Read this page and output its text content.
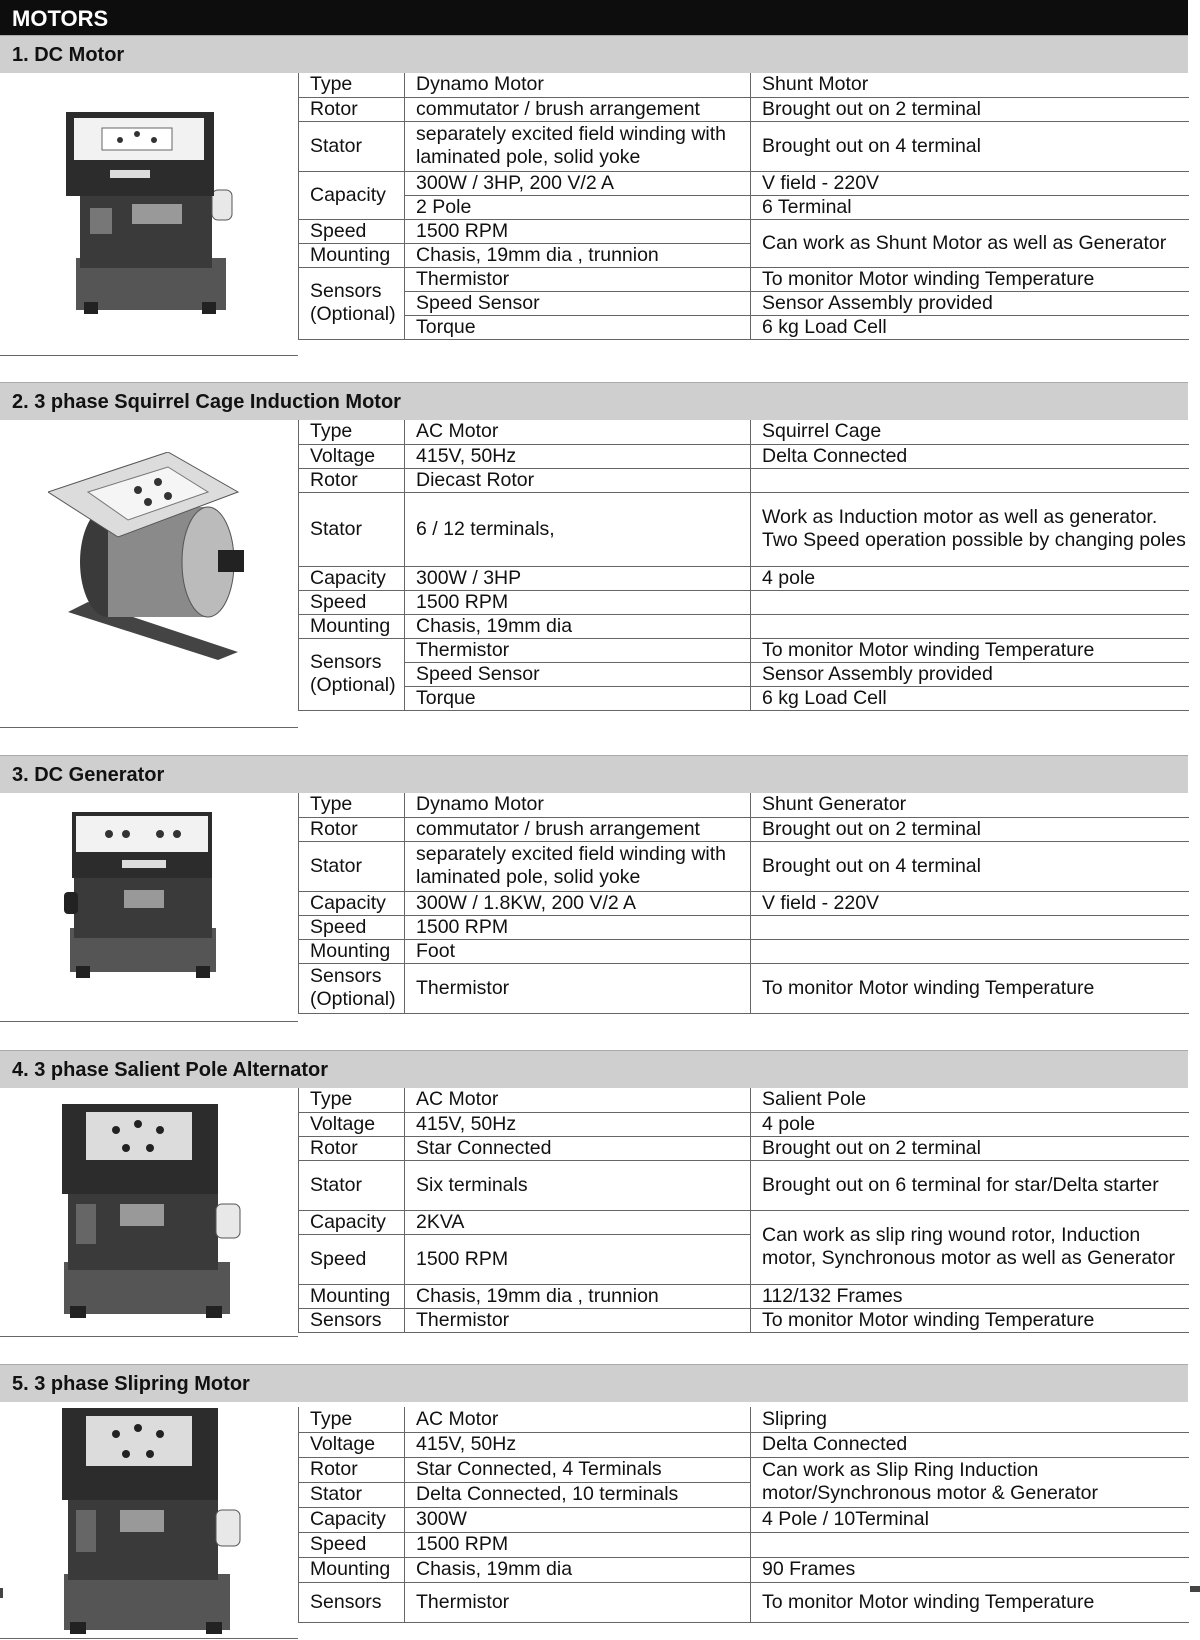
MOTORS
1. DC Motor
DC Motor unit
Type	Dynamo Motor	Shunt Motor
Rotor	commutator / brush arrangement	Brought out on 2 terminal
Stator	separately excited field winding with laminated pole, solid yoke	Brought out on 4 terminal
Capacity	300W / 3HP, 200 V/2 A	V field - 220V
	2 Pole	6 Terminal
Speed	1500 RPM	Can work as Shunt Motor as well as Generator
Mounting	Chasis, 19mm dia , trunnion	
Sensors (Optional)	Thermistor	To monitor Motor winding Temperature
	Speed Sensor	Sensor Assembly provided
	Torque	6 kg Load Cell
2. 3 phase Squirrel Cage Induction Motor
Squirrel cage induction motor unit
Type	AC Motor	Squirrel Cage
Voltage	415V, 50Hz	Delta Connected
Rotor	Diecast Rotor	
Stator	6 / 12 terminals,	Work as Induction motor as well as generator. Two Speed operation possible by changing poles
Capacity	300W / 3HP	4 pole
Speed	1500 RPM	
Mounting	Chasis, 19mm dia	
Sensors (Optional)	Thermistor	To monitor Motor winding Temperature
	Speed Sensor	Sensor Assembly provided
	Torque	6 kg Load Cell
3. DC Generator
DC generator unit	Type	Dynamo Motor	Shunt Generator
Rotor	commutator / brush arrangement	Brought out on 2 terminal
Stator	separately excited field winding with laminated pole, solid yoke	Brought out on 4 terminal
Capacity	300W / 1.8KW, 200 V/2 A	V field - 220V
Speed	1500 RPM	
Mounting	Foot	
Sensors (Optional)	Thermistor	To monitor Motor winding Temperature
4. 3 phase Salient Pole Alternator
Salient pole alternator unit	Type	AC Motor	Salient Pole
Voltage	415V, 50Hz	4 pole
Rotor	Star Connected	Brought out on 2 terminal
Stator	Six terminals	Brought out on 6 terminal for star/Delta starter
Capacity	2KVA	Can work as slip ring wound rotor, Induction motor, Synchronous motor as well as Generator
Speed	1500 RPM	
Mounting	Chasis, 19mm dia , trunnion	112/132 Frames
Sensors	Thermistor	To monitor Motor winding Temperature
5. 3 phase Slipring Motor
Slipring motor unit
Type	AC Motor	Slipring
Voltage	415V, 50Hz	Delta Connected
Rotor	Star Connected, 4 Terminals	Can work as Slip Ring Induction motor/Synchronous motor & Generator
Stator	Delta Connected, 10 terminals	
Capacity	300W	4 Pole / 10Terminal
Speed	1500 RPM	
Mounting	Chasis, 19mm dia	90 Frames
Sensors	Thermistor	To monitor Motor winding Temperature
